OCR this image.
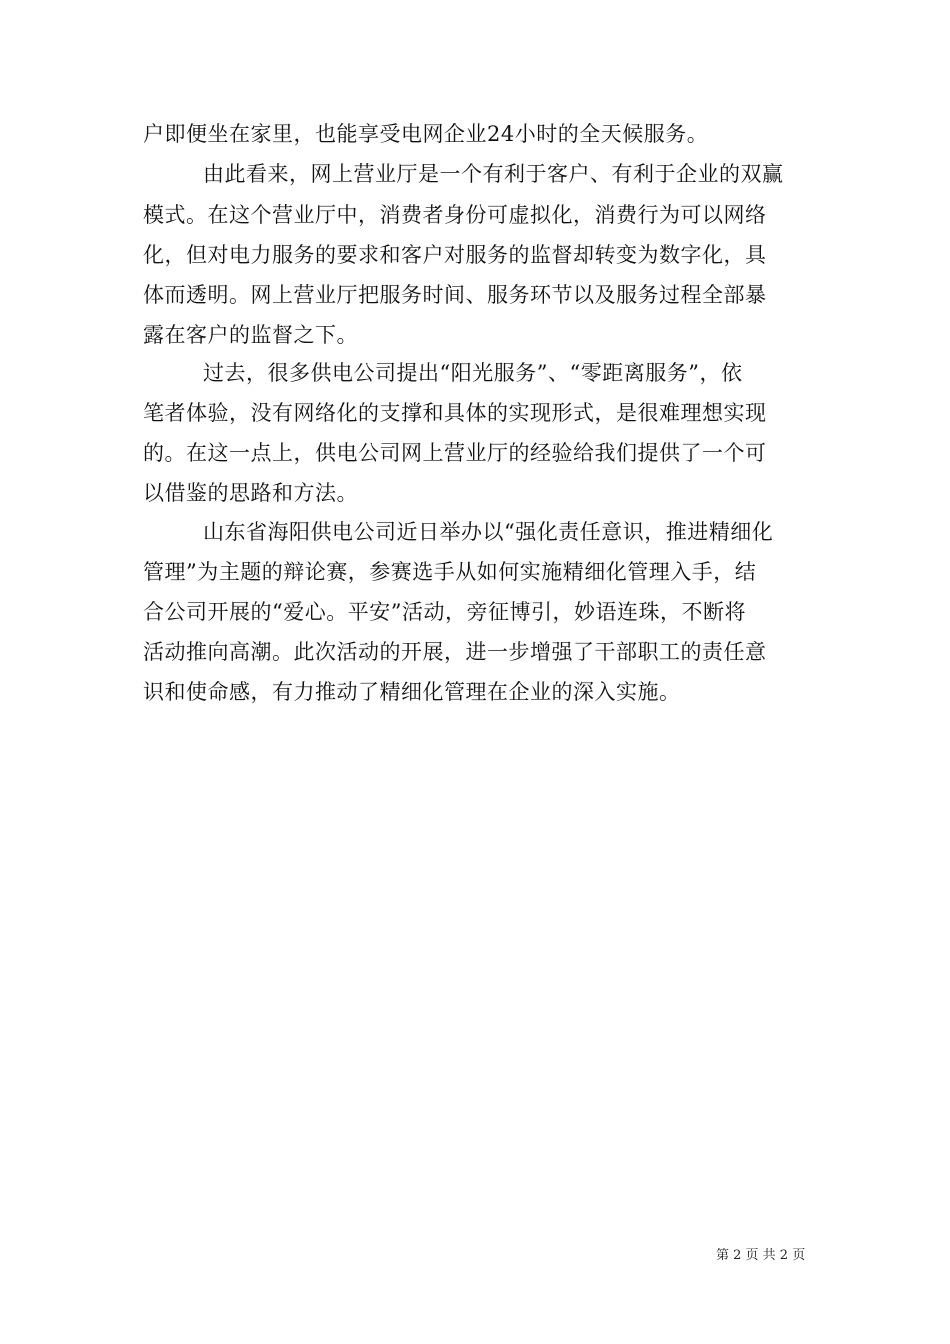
户即便坐在家里，也能享受电网企业24小时的全天候服务。
由此看来，网上营业厅是一个有利于客户、有利于企业的双赢
模式。在这个营业厅中，消费者身份可虚拟化，消费行为可以网络
化，但对电力服务的要求和客户对服务的监督却转变为数字化，具
体而透明。网上营业厅把服务时间、服务环节以及服务过程全部暴
露在客户的监督之下。
过去，很多供电公司提出“阳光服务”、“零距离服务”，依
笔者体验，没有网络化的支撑和具体的实现形式，是很难理想实现
的。在这一点上，供电公司网上营业厅的经验给我们提供了一个可
以借鉴的思路和方法。
山东省海阳供电公司近日举办以“强化责任意识，推进精细化
管理”为主题的辩论赛，参赛选手从如何实施精细化管理入手，结
合公司开展的“爱心。平安”活动，旁征博引，妙语连珠，不断将
活动推向高潮。此次活动的开展，进一步增强了干部职工的责任意
识和使命感，有力推动了精细化管理在企业的深入实施。
第 2 页 共 2 页
